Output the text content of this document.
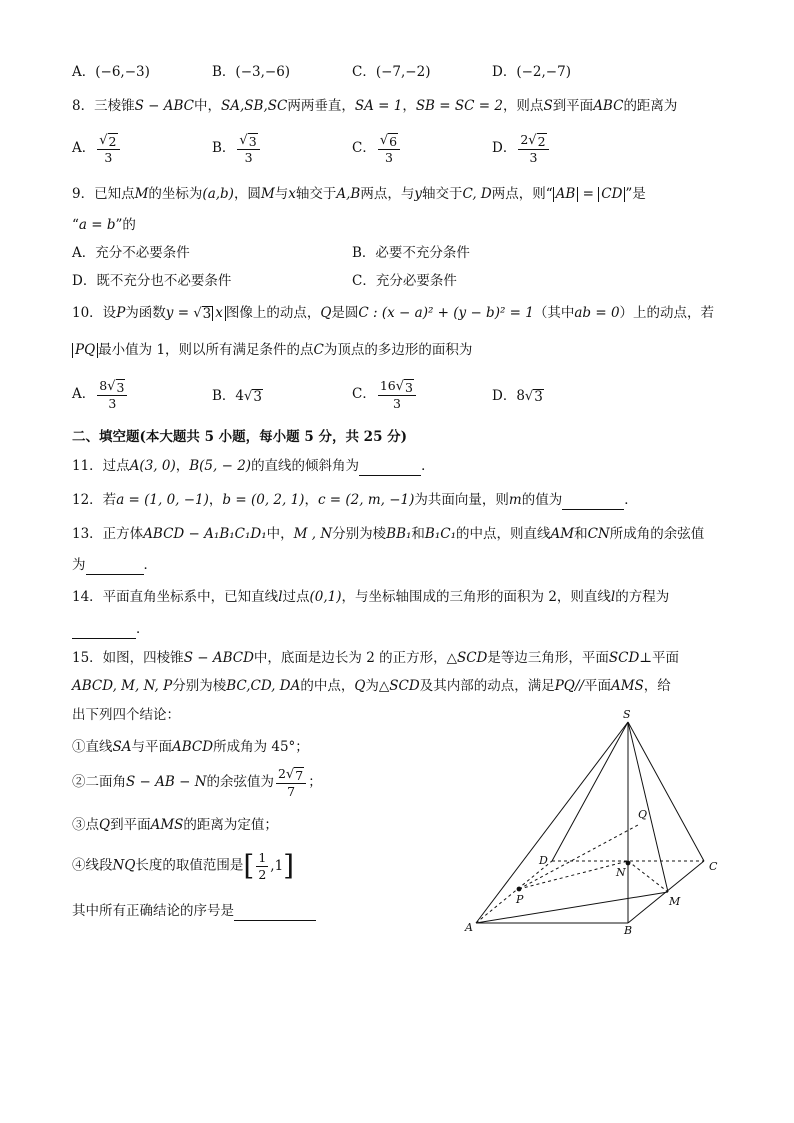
A．(−6,−3)	B．(−3,−6)	C．(−7,−2)	D．(−2,−7)
8．三棱锥S − ABC中，SA,SB,SC两两垂直，SA = 1，SB = SC = 2，则点S到平面ABC的距离为
A． $\frac{√ 2}{3}$	B． $\frac{√ 3}{3}$	C． $\frac{√ 6}{3}$	D． $\frac{2 √ 2}{3}$
9．已知点M的坐标为(a,b)，圆M与x轴交于A,B两点，与y轴交于C, D两点，则“ AB = CD ”是
“a = b”的
A．充分不必要条件	B．必要不充分条件
D．既不充分也不必要条件	C．充分必要条件
10．设P为函数y = √ 3 x 图像上的动点，Q是圆C : (x − a)² + (y − b)² = 1（其中ab = 0）上的动点，若
PQ 最小值为 1，则以所有满足条件的点C为顶点的多边形的面积为
A． $\frac{8 √ 3}{3}$	B．4 √ 3	C． $\frac{16 √ 3}{3}$	D．8 √ 3
二、填空题(本大题共 5 小题，每小题 5 分，共 25 分)
11．过点A(3, 0)，B(5, − 2)的直线的倾斜角为	．
12．若a = (1, 0, −1)，b = (0, 2, 1)，c = (2, m, −1)为共面向量，则m的值为	．
13．正方体ABCD − A₁B₁C₁D₁中，M , N分别为棱BB₁和B₁C₁的中点，则直线AM和CN所成角的余弦值
为	．
14．平面直角坐标系中，已知直线l过点(0,1)，与坐标轴围成的三角形的面积为 2，则直线l的方程为
．
15．如图，四棱锥S − ABCD中，底面是边长为 2 的正方形，△SCD是等边三角形，平面SCD⊥平面
ABCD, M, N, P分别为棱BC,CD, DA的中点，Q为△SCD及其内部的动点，满足PQ//平面AMS，给
出下列四个结论：
①直线SA与平面ABCD所成角为 45°；
②二面角S − AB − N的余弦值为 $\frac{2 √ 7}{7}$ ；
③点Q到平面AMS的距离为定值；
④线段NQ长度的取值范围是 [ $\frac{1}{2} ,1$ ]
其中所有正确结论的序号是
S
Q
D
N	C
P	M
A	B
